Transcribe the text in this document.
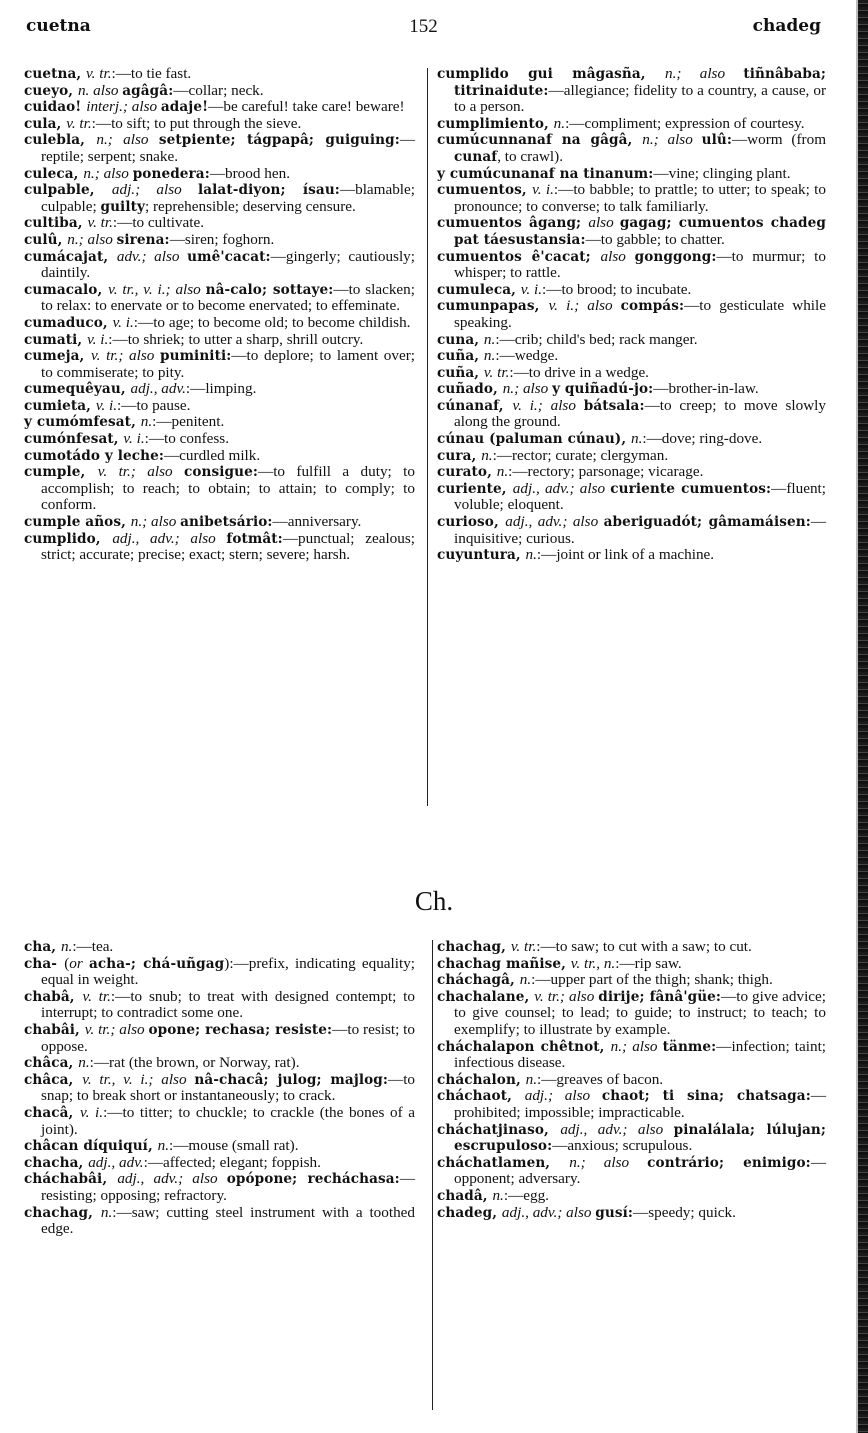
cuetna	152	chadeg

cuetna, v. tr.:—to tie fast.

cueyo, n. also agâgâ:—collar; neck.

cuidao! interj.; also adaje!—be careful! take care! beware!

cula, v. tr.:—to sift; to put through the sieve.

culebla, n.; also setpiente; tágpapâ; guiguing:—reptile; serpent; snake.

culeca, n.; also ponedera:—brood hen.

culpable, adj.; also lalat-diyon; ísau:—blamable; culpable; guilty; reprehensible; deserving censure.

cultiba, v. tr.:—to cultivate.

culû, n.; also sirena:—siren; foghorn.

cumácajat, adv.; also umê'cacat:—gingerly; cautiously; daintily.

cumacalo, v. tr., v. i.; also nâ-calo; sottaye:—to slacken; to relax: to enervate or to become enervated; to effeminate.

cumaduco, v. i.:—to age; to become old; to become childish.

cumati, v. i.:—to shriek; to utter a sharp, shrill outcry.

cumeja, v. tr.; also puminiti:—to deplore; to lament over; to commiserate; to pity.

cumequêyau, adj., adv.:—limping.

cumieta, v. i.:—to pause.

y cumómfesat, n.:—penitent.

cumónfesat, v. i.:—to confess.

cumotádo y leche:—curdled milk.

cumple, v. tr.; also consigue:—to fulfill a duty; to accomplish; to reach; to obtain; to attain; to comply; to conform.

cumple años, n.; also anibetsário:—anniversary.

cumplido, adj., adv.; also fotmât:—punctual; zealous; strict; accurate; precise; exact; stern; severe; harsh.

cumplido gui mâgasña, n.; also tiñnâbaba; titrinaidute:—allegiance; fidelity to a country, a cause, or to a person.

cumplimiento, n.:—compliment; expression of courtesy.

cumúcunnanaf na gâgâ, n.; also ulû:—worm (from cunaf, to crawl).

y cumúcunanaf na tinanum:—vine; clinging plant.

cumuentos, v. i.:—to babble; to prattle; to utter; to speak; to pronounce; to converse; to talk familiarly.

cumuentos âgang; also gagag; cumuentos chadeg pat táesustansia:—to gabble; to chatter.

cumuentos ê'cacat; also gonggong:—to murmur; to whisper; to rattle.

cumuleca, v. i.:—to brood; to incubate.

cumunpapas, v. i.; also compás:—to gesticulate while speaking.

cuna, n.:—crib; child's bed; rack manger.

cuña, n.:—wedge.

cuña, v. tr.:—to drive in a wedge.

cuñado, n.; also y quiñadú-jo:—brother-in-law.

cúnanaf, v. i.; also bátsala:—to creep; to move slowly along the ground.

cúnau (paluman cúnau), n.:—dove; ring-dove.

cura, n.:—rector; curate; clergyman.

curato, n.:—rectory; parsonage; vicarage.

curiente, adj., adv.; also curiente cumuentos:—fluent; voluble; eloquent.

curioso, adj., adv.; also aberiguadót; gâmamáisen:—inquisitive; curious.

cuyuntura, n.:—joint or link of a machine.

Ch.

cha, n.:—tea.

cha- (or acha-; chá-uñgag):—prefix, indicating equality; equal in weight.

chabâ, v. tr.:—to snub; to treat with designed contempt; to interrupt; to contradict some one.

chabâi, v. tr.; also opone; rechasa; resiste:—to resist; to oppose.

châca, n.:—rat (the brown, or Norway, rat).

châca, v. tr., v. i.; also nâ-chacâ; julog; majlog:—to snap; to break short or instantaneously; to crack.

chacâ, v. i.:—to titter; to chuckle; to crackle (the bones of a joint).

châcan díquiquí, n.:—mouse (small rat).

chacha, adj., adv.:—affected; elegant; foppish.

cháchabâi, adj., adv.; also opópone; recháchasa:—resisting; opposing; refractory.

chachag, n.:—saw; cutting steel instrument with a toothed edge.

chachag, v. tr.:—to saw; to cut with a saw; to cut.

chachag mañise, v. tr., n.:—rip saw.

cháchagâ, n.:—upper part of the thigh; shank; thigh.

chachalane, v. tr.; also dirije; fânâ'güe:—to give advice; to give counsel; to lead; to guide; to instruct; to teach; to exemplify; to illustrate by example.

cháchalapon chêtnot, n.; also tänme:—infection; taint; infectious disease.

cháchalon, n.:—greaves of bacon.

cháchaot, adj.; also chaot; ti sina; chatsaga:—prohibited; impossible; impracticable.

cháchatjinaso, adj., adv.; also pinalálala; lúlujan; escrupuloso:—anxious; scrupulous.

cháchatlamen, n.; also contrário; enimigo:—opponent; adversary.

chadâ, n.:—egg.

chadeg, adj., adv.; also gusí:—speedy; quick.
